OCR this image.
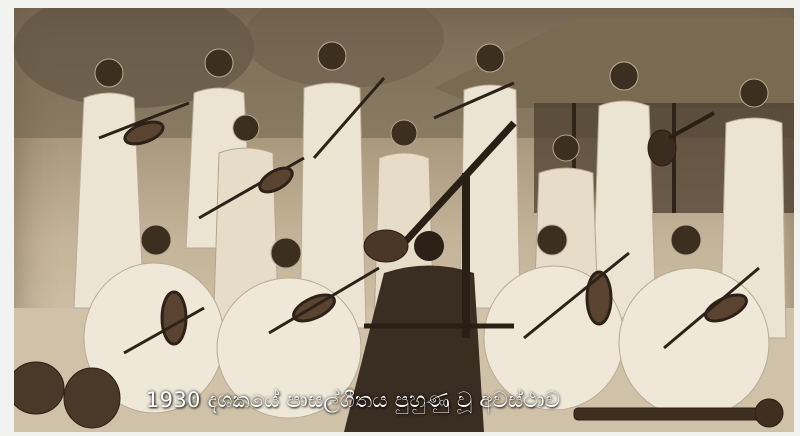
1930 දශකයේ පාසල්ගීතය පුහුණු වූ අවස්ථාව
